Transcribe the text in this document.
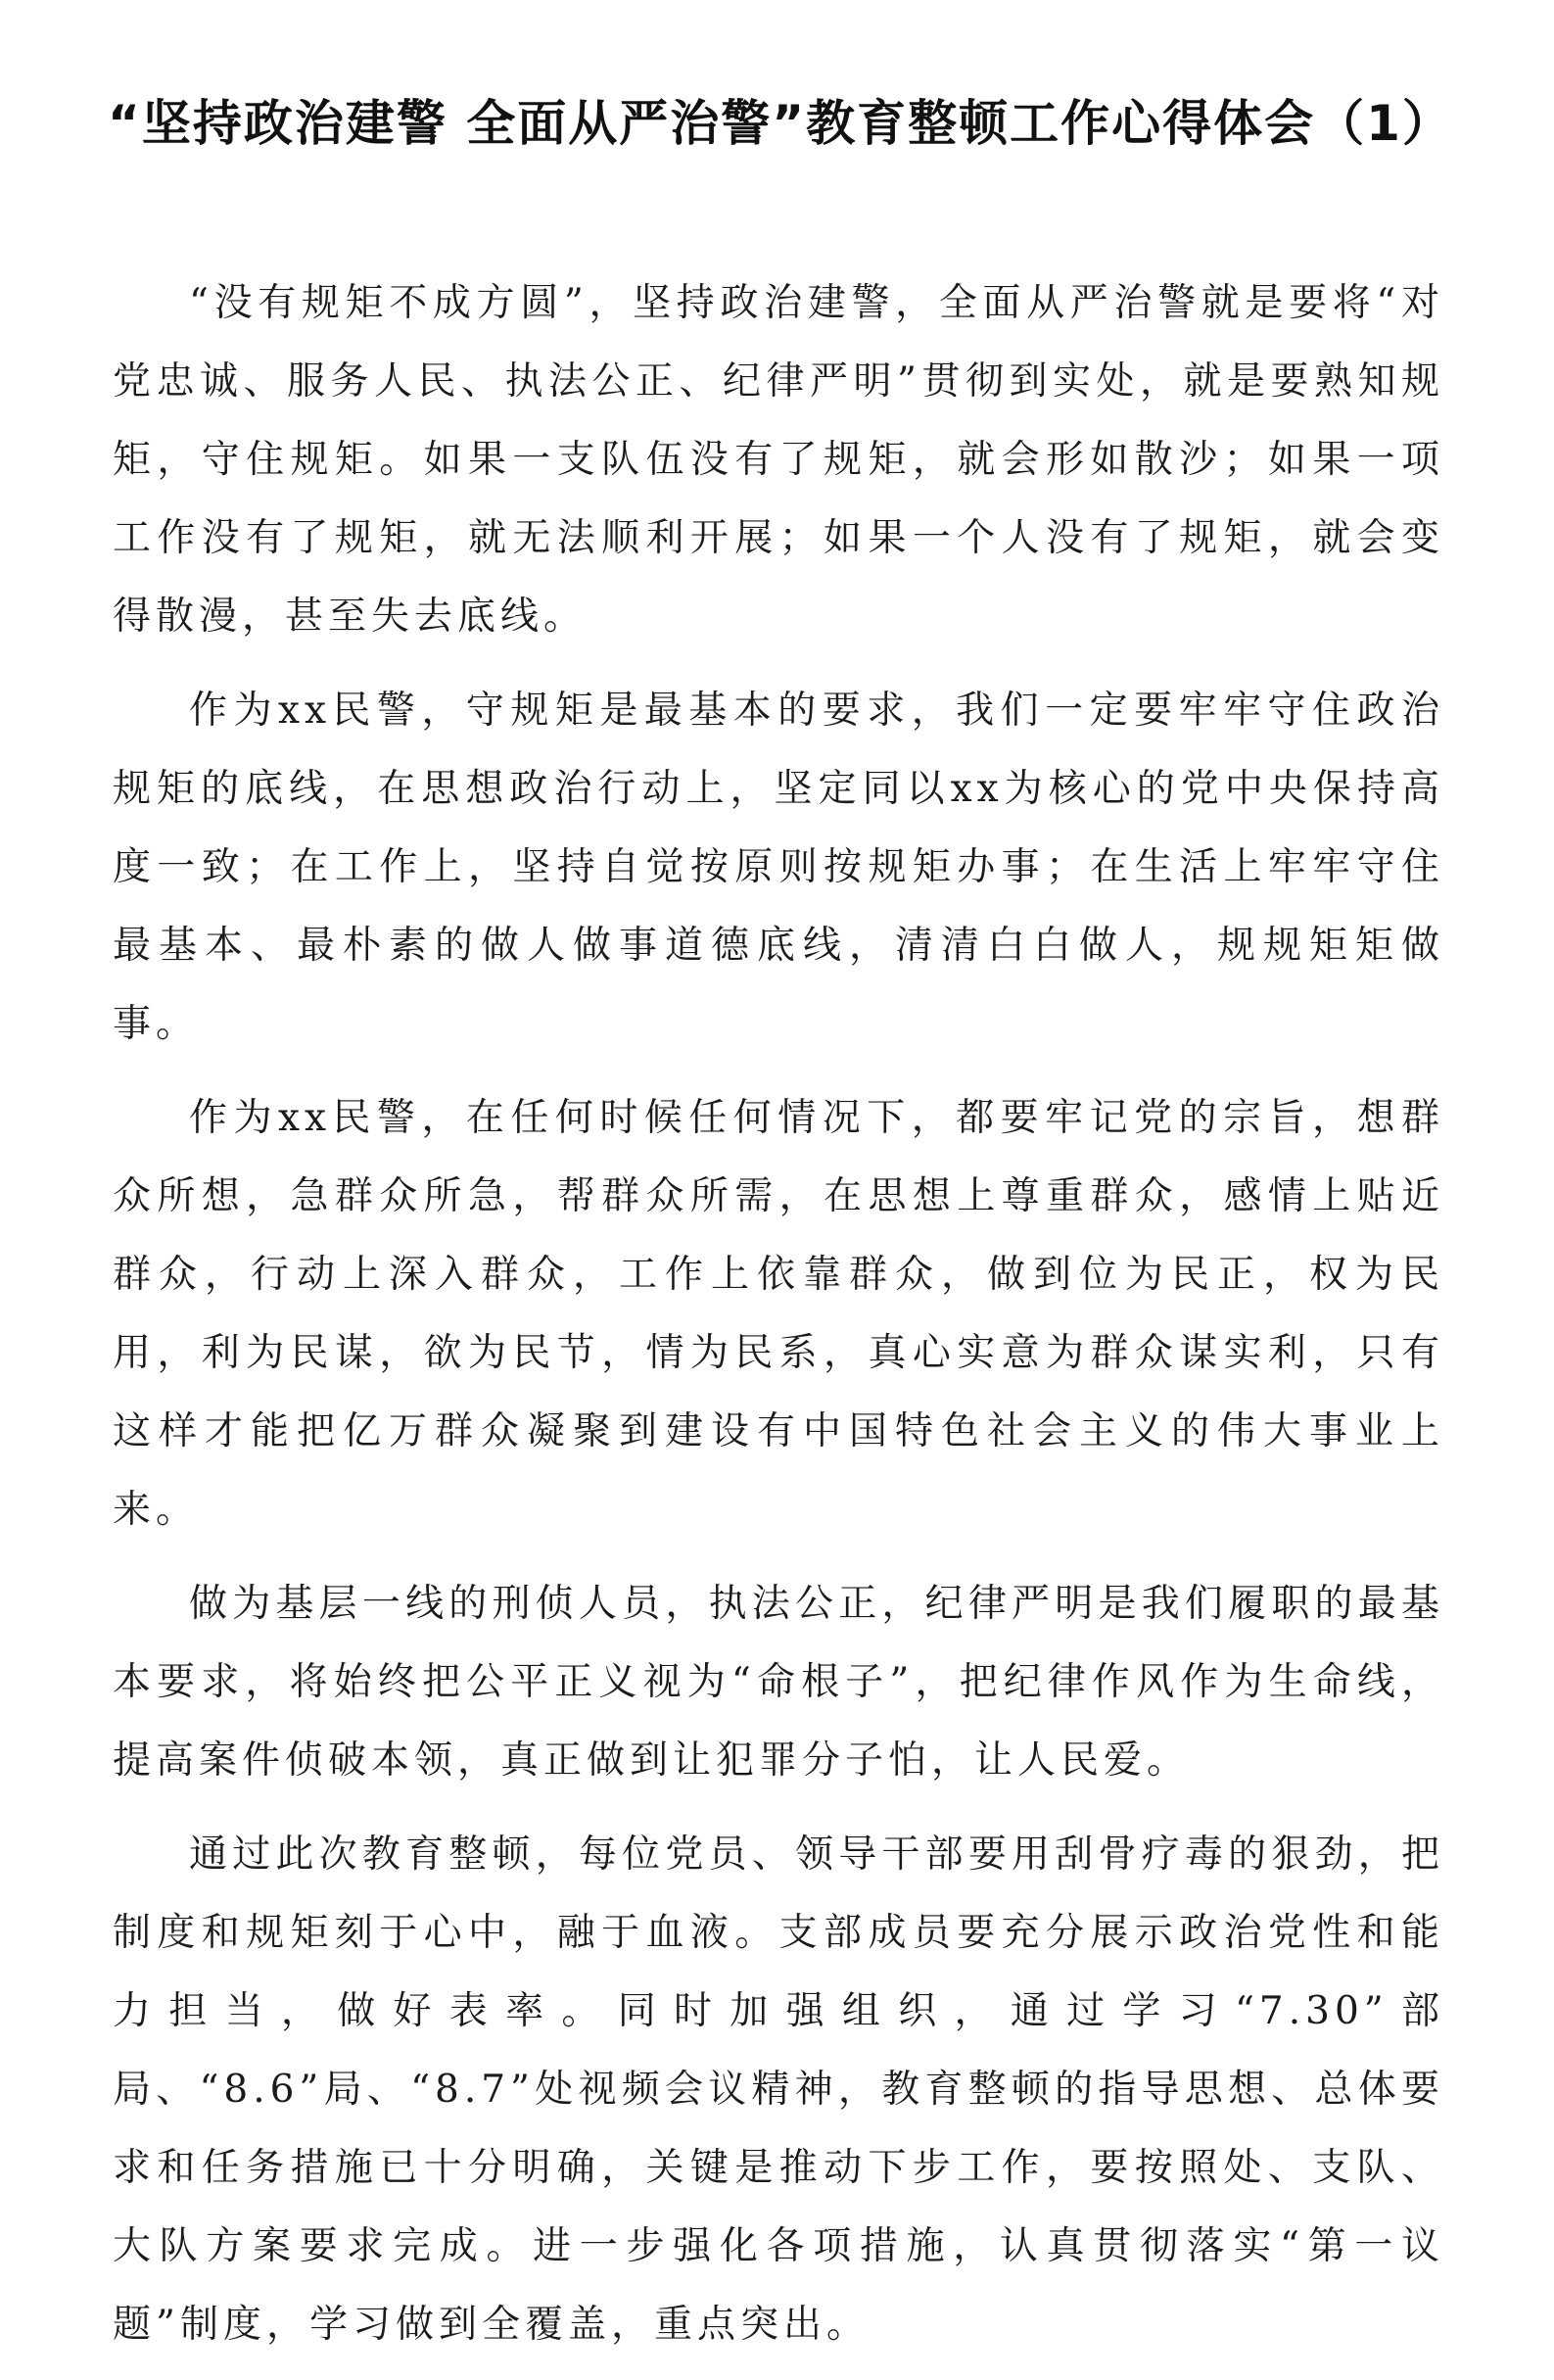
“坚持政治建警 全面从严治警”教育整顿工作心得体会（1）

“没有规矩不成方圆”，坚持政治建警，全面从严治警就是要将“对党忠诚、服务人民、执法公正、纪律严明”贯彻到实处，就是要熟知规矩，守住规矩。如果一支队伍没有了规矩，就会形如散沙；如果一项工作没有了规矩，就无法顺利开展；如果一个人没有了规矩，就会变得散漫，甚至失去底线。

作为xx民警，守规矩是最基本的要求，我们一定要牢牢守住政治规矩的底线，在思想政治行动上，坚定同以xx为核心的党中央保持高度一致；在工作上，坚持自觉按原则按规矩办事；在生活上牢牢守住最基本、最朴素的做人做事道德底线，清清白白做人，规规矩矩做事。

作为xx民警，在任何时候任何情况下，都要牢记党的宗旨，想群众所想，急群众所急，帮群众所需，在思想上尊重群众，感情上贴近群众，行动上深入群众，工作上依靠群众，做到位为民正，权为民用，利为民谋，欲为民节，情为民系，真心实意为群众谋实利，只有这样才能把亿万群众凝聚到建设有中国特色社会主义的伟大事业上来。

做为基层一线的刑侦人员，执法公正，纪律严明是我们履职的最基本要求，将始终把公平正义视为“命根子”，把纪律作风作为生命线，提高案件侦破本领，真正做到让犯罪分子怕，让人民爱。

通过此次教育整顿，每位党员、领导干部要用刮骨疗毒的狠劲，把制度和规矩刻于心中，融于血液。支部成员要充分展示政治党性和能力担当，做好表率。同时加强组织，通过学习“7.30”部局、“8.6”局、“8.7”处视频会议精神，教育整顿的指导思想、总体要求和任务措施已十分明确，关键是推动下步工作，要按照处、支队、大队方案要求完成。进一步强化各项措施，认真贯彻落实“第一议题”制度，学习做到全覆盖，重点突出。
